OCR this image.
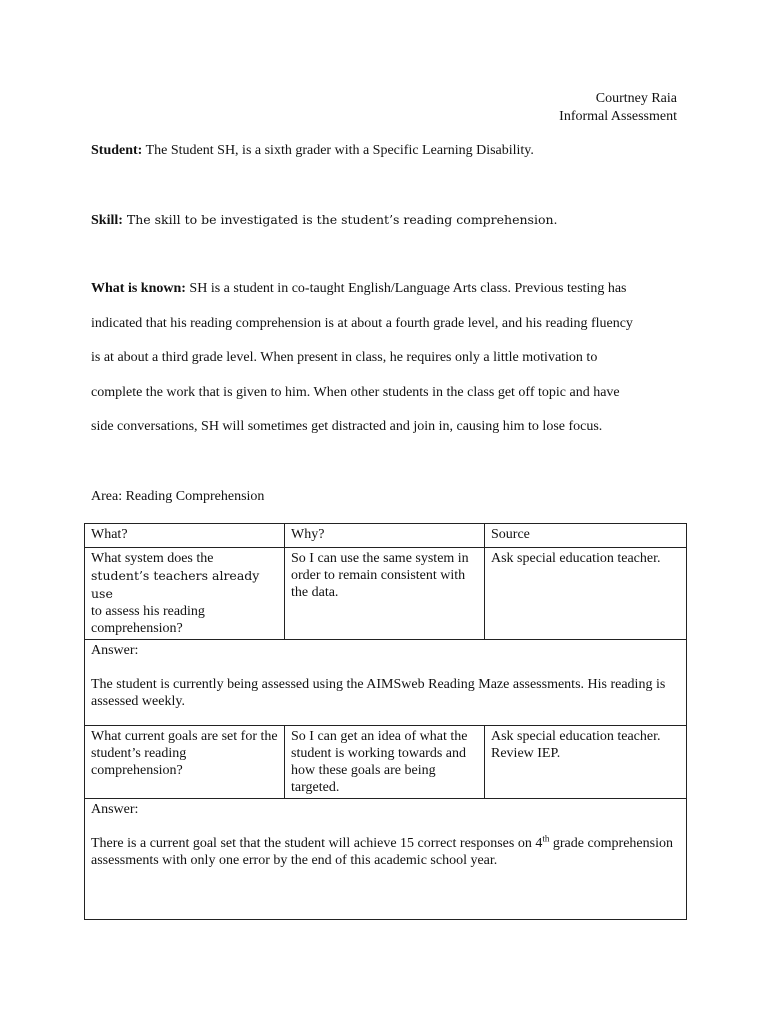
Courtney Raia
Informal Assessment
Student: The Student SH, is a sixth grader with a Specific Learning Disability.
Skill: The skill to be investigated is the student’s reading comprehension.
What is known: SH is a student in co-taught English/Language Arts class. Previous testing has
indicated that his reading comprehension is at about a fourth grade level, and his reading fluency
is at about a third grade level. When present in class, he requires only a little motivation to
complete the work that is given to him. When other students in the class get off topic and have
side conversations, SH will sometimes get distracted and join in, causing him to lose focus.
Area: Reading Comprehension
What?	Why?	Source
What system does the
student’s teachers already use
to assess his reading comprehension?	So I can use the same system in order to remain consistent with the data.	Ask special education teacher.

Answer:
The student is currently being assessed using the AIMSweb Reading Maze assessments. His reading is assessed weekly.		

What current goals are set for the student’s reading comprehension?	So I can get an idea of what the student is working towards and how these goals are being targeted.	Ask special education teacher.
Review IEP.

Answer:
There is a current goal set that the student will achieve 15 correct responses on 4th grade comprehension assessments with only one error by the end of this academic school year.		
